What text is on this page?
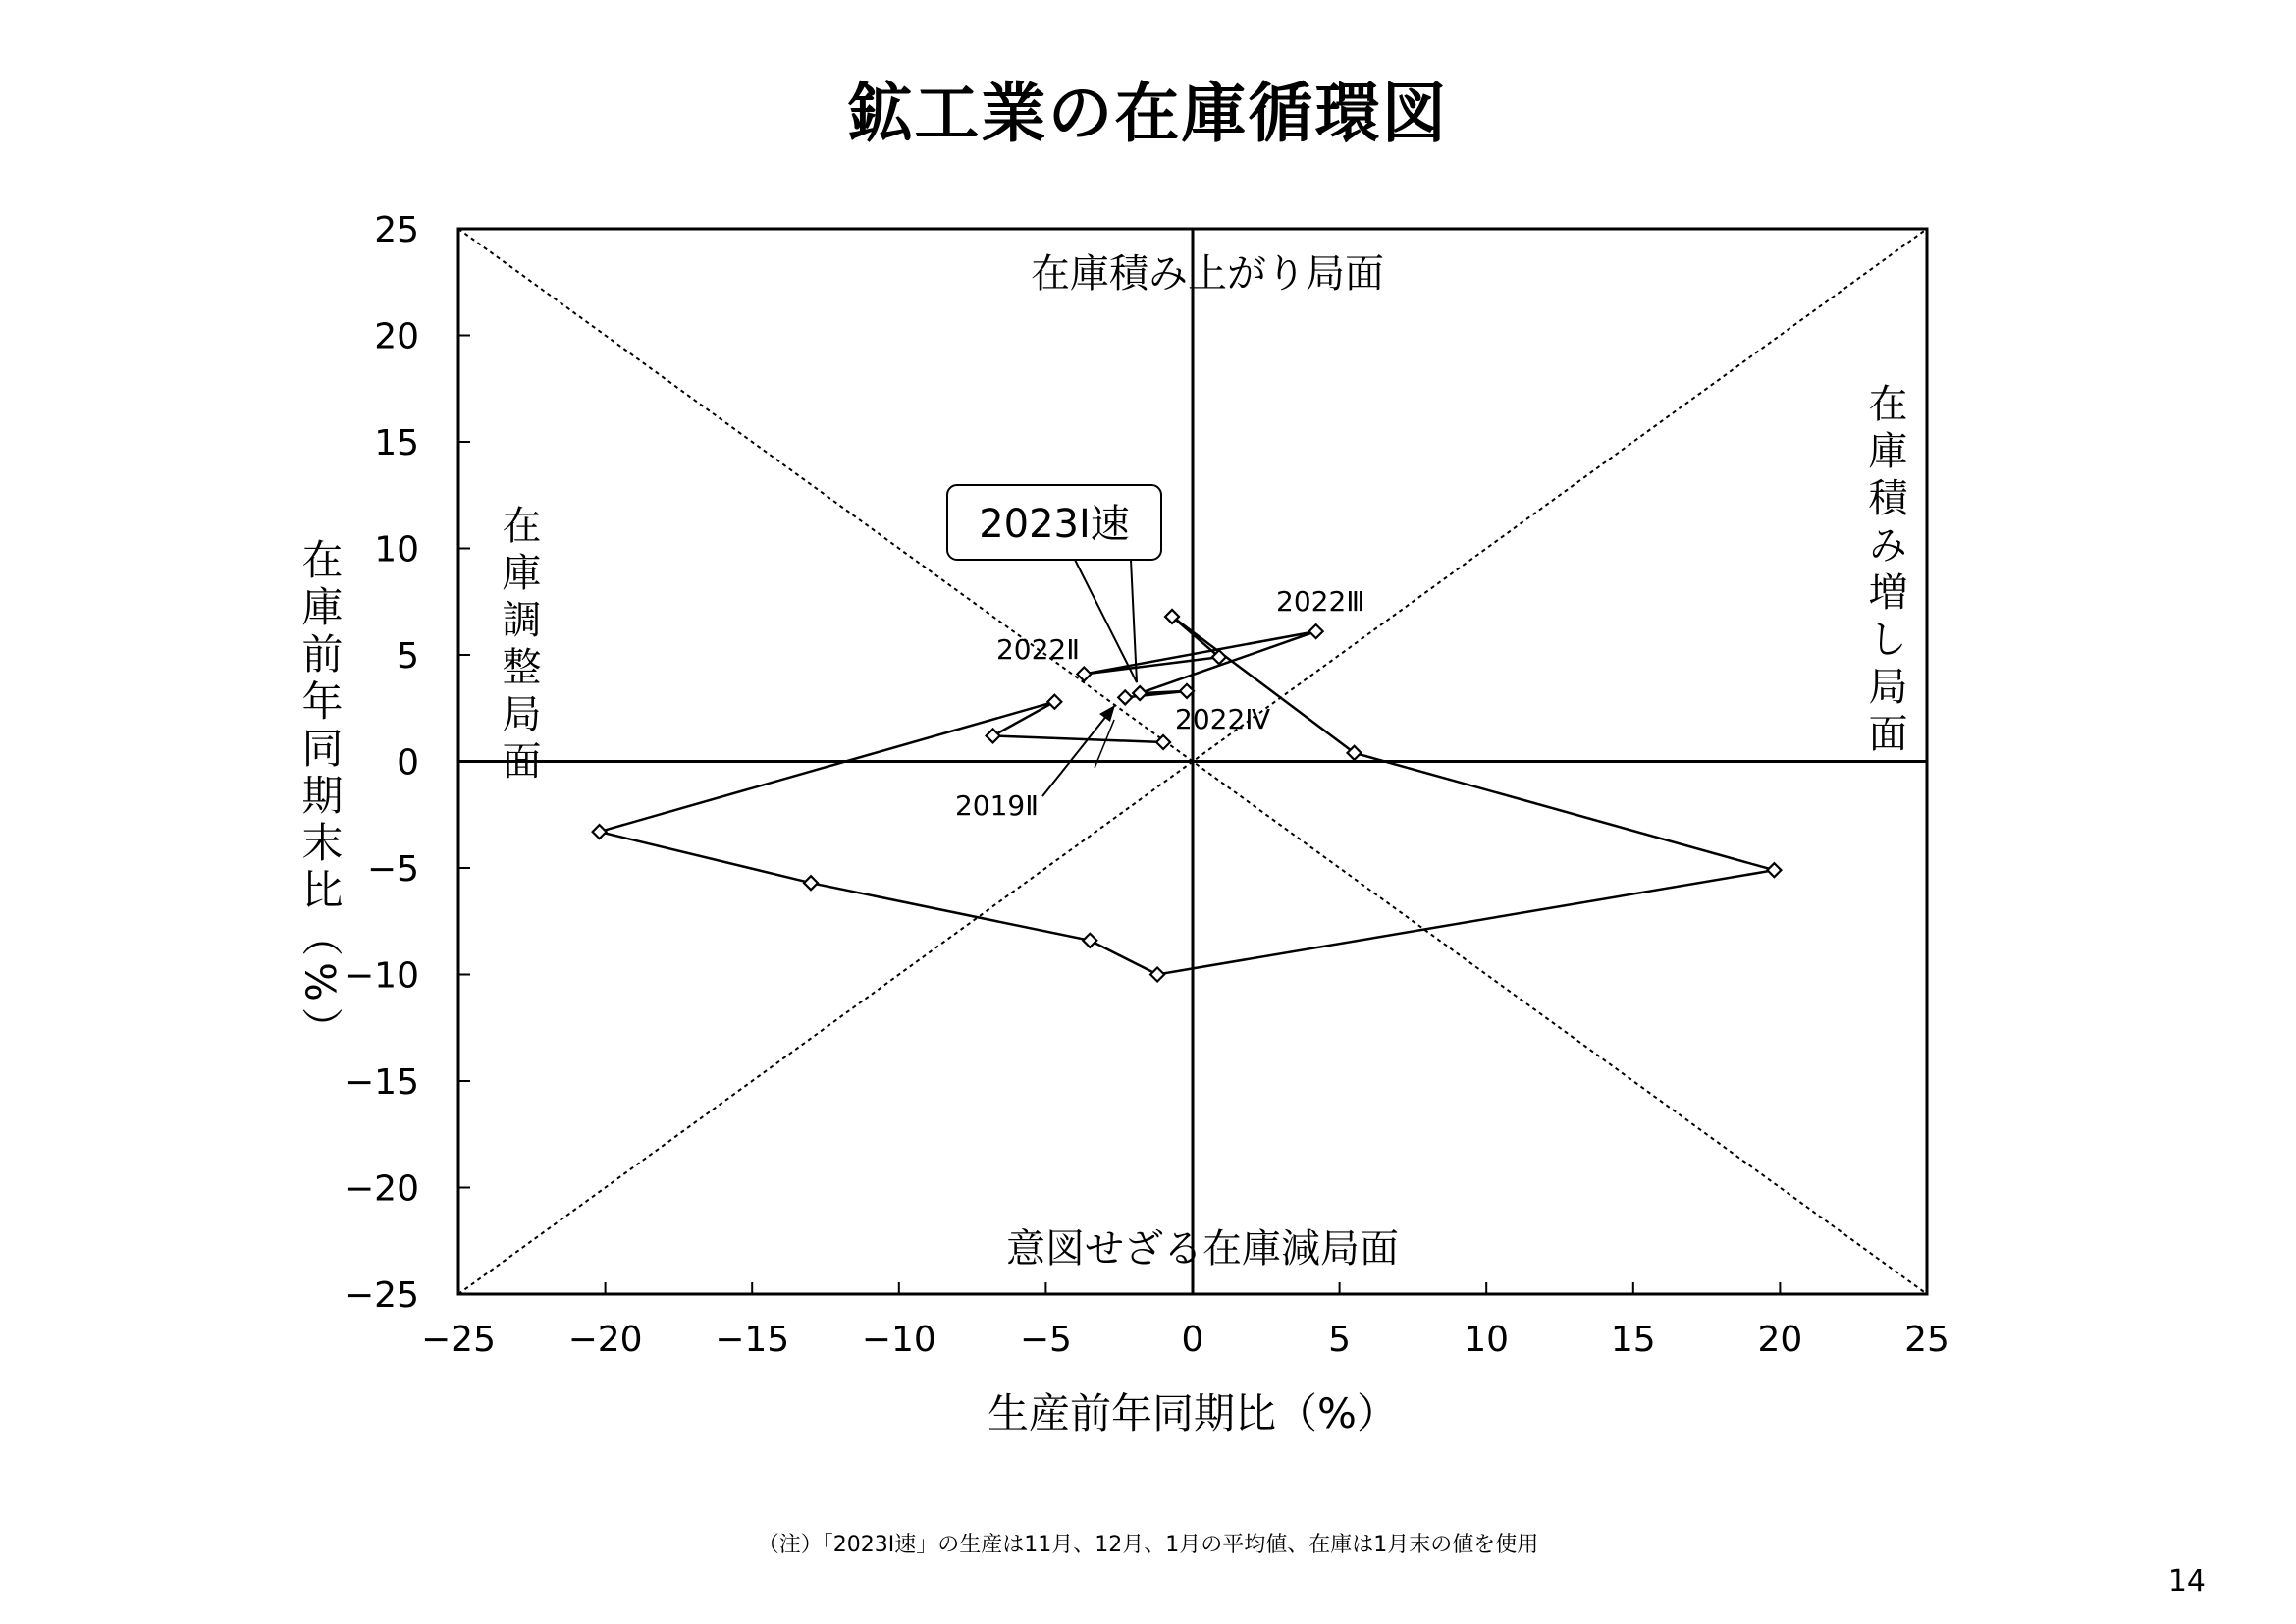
鉱工業の在庫循環図
−25 −20 −15 −10 −5	0	5	10	15	20	25
−25
−20
−15
−10
−5
0
5
10
15
20
25
2019Ⅱ
2022Ⅱ
2022Ⅲ
2022Ⅳ
2023Ⅰ速
在庫積み上がり局面
意図せざる在庫減局面
在庫調整局面	在庫積み増し局面
生産前年同期比（%）
在庫前年同期末比（%）
（注）「2023Ⅰ速」の生産は11月、12月、1月の平均値、在庫は1月末の値を使用
14
